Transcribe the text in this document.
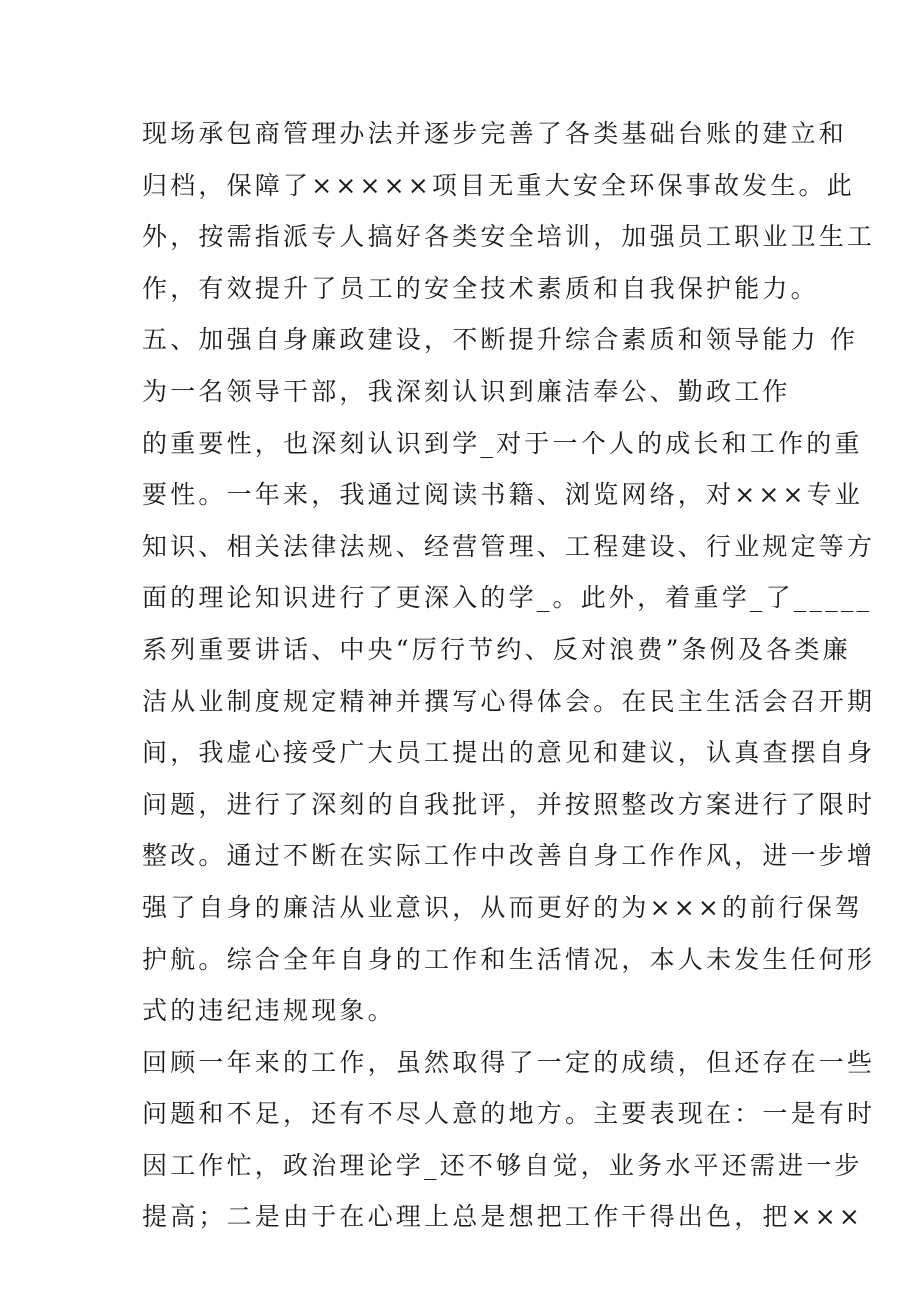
现场承包商管理办法并逐步完善了各类基础台账的建立和
归档，保障了×××××项目无重大安全环保事故发生。此
外，按需指派专人搞好各类安全培训，加强员工职业卫生工
作，有效提升了员工的安全技术素质和自我保护能力。
五、加强自身廉政建设，不断提升综合素质和领导能力 作
为一名领导干部，我深刻认识到廉洁奉公、勤政工作
的重要性，也深刻认识到学_对于一个人的成长和工作的重
要性。一年来，我通过阅读书籍、浏览网络，对×××专业
知识、相关法律法规、经营管理、工程建设、行业规定等方
面的理论知识进行了更深入的学_。此外，着重学_了_____
系列重要讲话、中央“厉行节约、反对浪费”条例及各类廉
洁从业制度规定精神并撰写心得体会。在民主生活会召开期
间，我虚心接受广大员工提出的意见和建议，认真查摆自身
问题，进行了深刻的自我批评，并按照整改方案进行了限时
整改。通过不断在实际工作中改善自身工作作风，进一步增
强了自身的廉洁从业意识，从而更好的为×××的前行保驾
护航。综合全年自身的工作和生活情况，本人未发生任何形
式的违纪违规现象。
回顾一年来的工作，虽然取得了一定的成绩，但还存在一些
问题和不足，还有不尽人意的地方。主要表现在：一是有时
因工作忙，政治理论学_还不够自觉，业务水平还需进一步
提高；二是由于在心理上总是想把工作干得出色，把×××
